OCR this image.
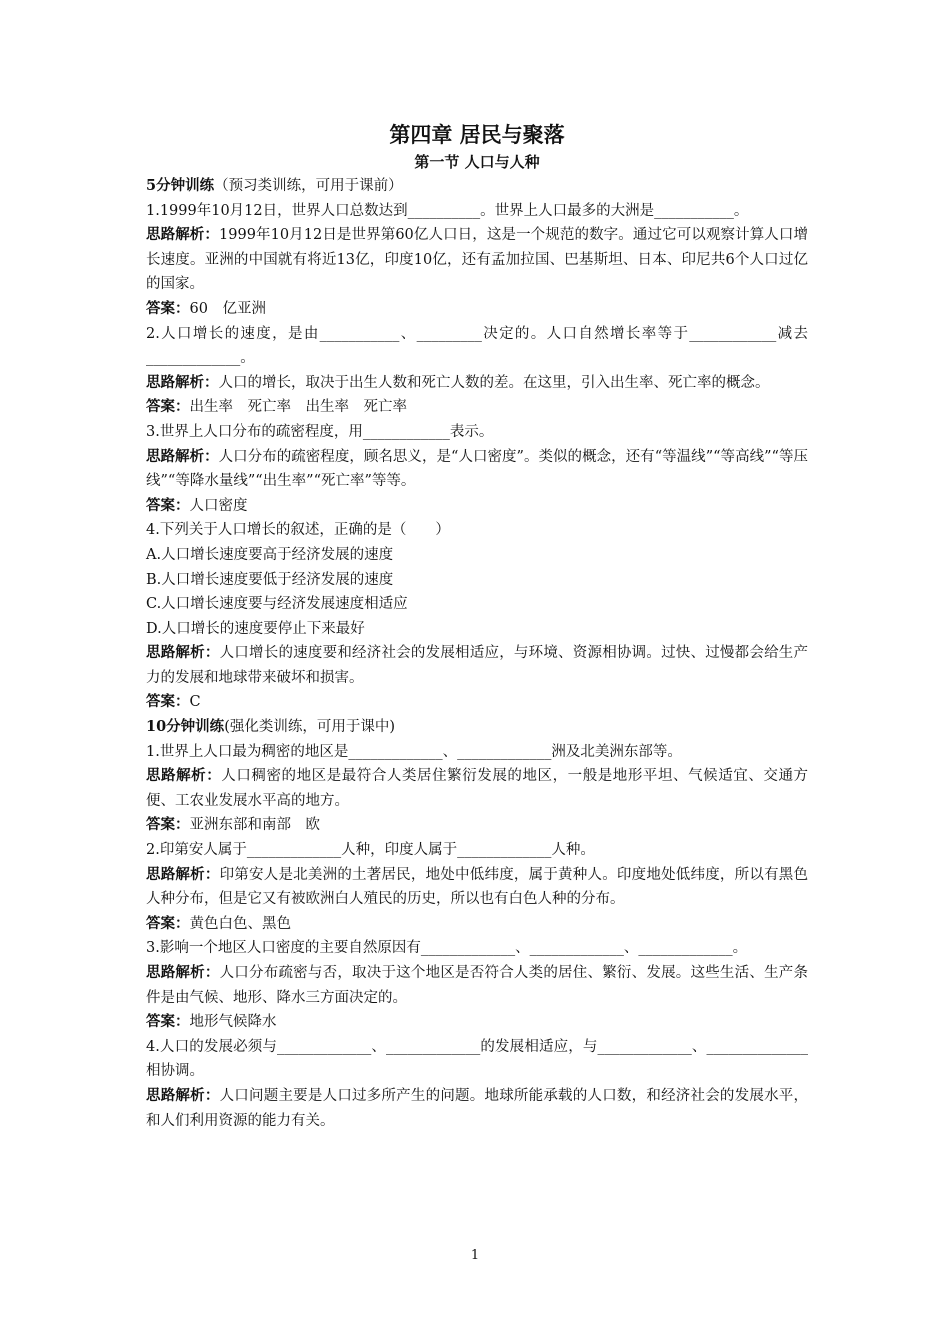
第四章 居民与聚落
第一节 人口与人种

5分钟训练（预习类训练，可用于课前）

1.1999年10月12日，世界人口总数达到__________。世界上人口最多的大洲是___________。

思路解析：1999年10月12日是世界第60亿人口日，这是一个规范的数字。通过它可以观察计算人口增长速度。亚洲的中国就有将近13亿，印度10亿，还有孟加拉国、巴基斯坦、日本、印尼共6个人口过亿的国家。

答案：60　亿亚洲

2.人口增长的速度，是由___________、_________决定的。人口自然增长率等于____________减去_____________。

思路解析：人口的增长，取决于出生人数和死亡人数的差。在这里，引入出生率、死亡率的概念。

答案：出生率　死亡率　出生率　死亡率

3.世界上人口分布的疏密程度，用____________表示。

思路解析：人口分布的疏密程度，顾名思义，是“人口密度”。类似的概念，还有“等温线”“等高线”“等压线”“等降水量线”“出生率”“死亡率”等等。

答案：人口密度

4.下列关于人口增长的叙述，正确的是（　　）

A.人口增长速度要高于经济发展的速度

B.人口增长速度要低于经济发展的速度

C.人口增长速度要与经济发展速度相适应

D.人口增长的速度要停止下来最好

思路解析：人口增长的速度要和经济社会的发展相适应，与环境、资源相协调。过快、过慢都会给生产力的发展和地球带来破坏和损害。

答案：C

10分钟训练(强化类训练，可用于课中)

1.世界上人口最为稠密的地区是_____________、_____________洲及北美洲东部等。

思路解析：人口稠密的地区是最符合人类居住繁衍发展的地区，一般是地形平坦、气候适宜、交通方便、工农业发展水平高的地方。

答案：亚洲东部和南部　欧

2.印第安人属于_____________人种，印度人属于_____________人种。

思路解析：印第安人是北美洲的土著居民，地处中低纬度，属于黄种人。印度地处低纬度，所以有黑色人种分布，但是它又有被欧洲白人殖民的历史，所以也有白色人种的分布。

答案：黄色白色、黑色

3.影响一个地区人口密度的主要自然原因有_____________、_____________、_____________。

思路解析：人口分布疏密与否，取决于这个地区是否符合人类的居住、繁衍、发展。这些生活、生产条件是由气候、地形、降水三方面决定的。

答案：地形气候降水

4.人口的发展必须与_____________、_____________的发展相适应，与_____________、______________相协调。

思路解析：人口问题主要是人口过多所产生的问题。地球所能承载的人口数，和经济社会的发展水平，和人们利用资源的能力有关。

1
